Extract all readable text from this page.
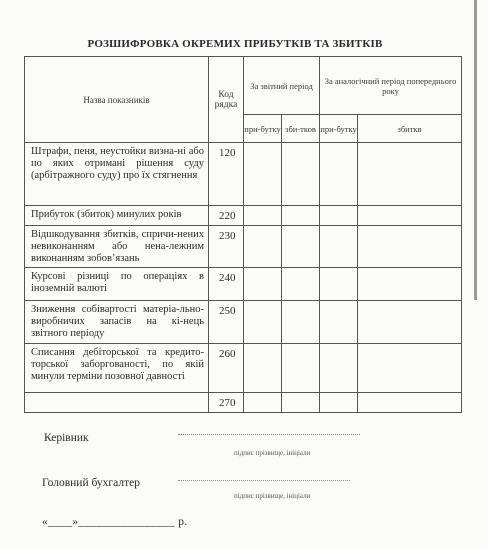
РОЗШИФРОВКА ОКРЕМИХ ПРИБУТКІВ ТА ЗБИТКІВ
Назва показників	Код рядка	За звітний період		За аналогічний період попереднього року	
		при-бутку	зби-тков	при-бутку	збиткв
Штрафи, пеня, неустойки визна-ні або по яких отримані рішення суду (арбітражного суду) про їх стягнення	120				
Прибуток (збиток) минулих років	220				
Відшкодування збитків, спричи-нених невиконанням або нена-лежним виконанням зобов’язань	230				
Курсові різниці по операціях в іноземній валюті	240				
Зниження собівартості матеріа-льно-виробничих запасів на кі-нець звітного періоду	250				
Списання дебіторської та кредито-торської заборгованості, по якій минули терміни позовної давності	260				
	270				
Керівник
підпис прізвище, ініціали
Головний бухгалтер
підпис прізвище, ініціали
«____»________________ р.
